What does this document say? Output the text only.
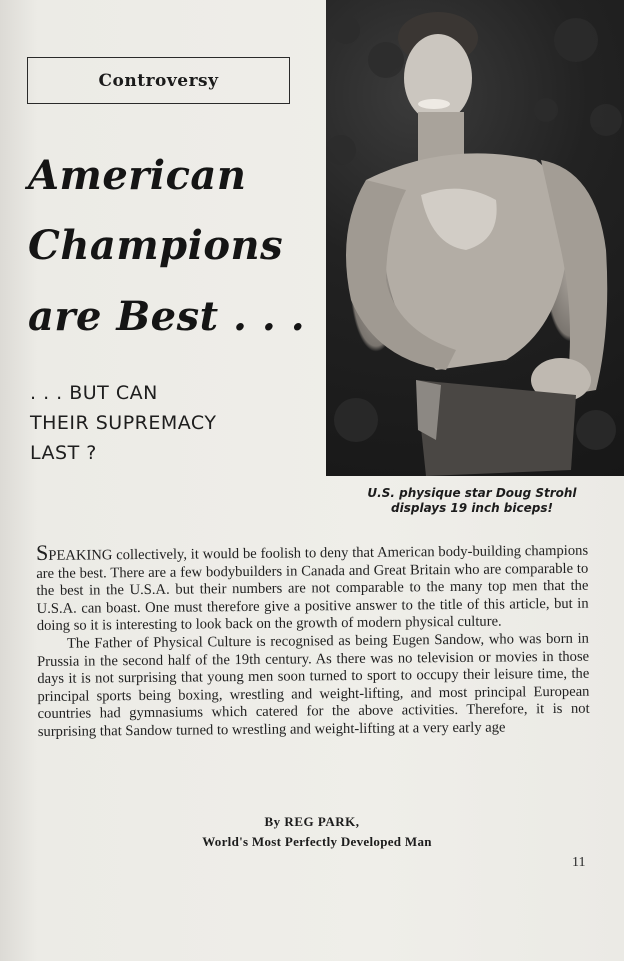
Controversy
American
Champions
are Best . . .
. . . BUT CAN
THEIR SUPREMACY
LAST ?
U.S. physique star Doug Strohl
displays 19 inch biceps!

SPEAKING collectively, it would be foolish to deny that American body-building champions are the best. There are a few bodybuilders in Canada and Great Britain who are comparable to the best in the U.S.A. but their numbers are not comparable to the many top men that the U.S.A. can boast. One must therefore give a positive answer to the title of this article, but in doing so it is interesting to look back on the growth of modern physical culture.

The Father of Physical Culture is recognised as being Eugen Sandow, who was born in Prussia in the second half of the 19th century. As there was no television or movies in those days it is not surprising that young men soon turned to sport to occupy their leisure time, the principal sports being boxing, wrestling and weight-lifting, and most principal European countries had gymnasiums which catered for the above activities. Therefore, it is not surprising that Sandow turned to wrestling and weight-lifting at a very early age

By REG PARK,
World's Most Perfectly Developed Man
11
